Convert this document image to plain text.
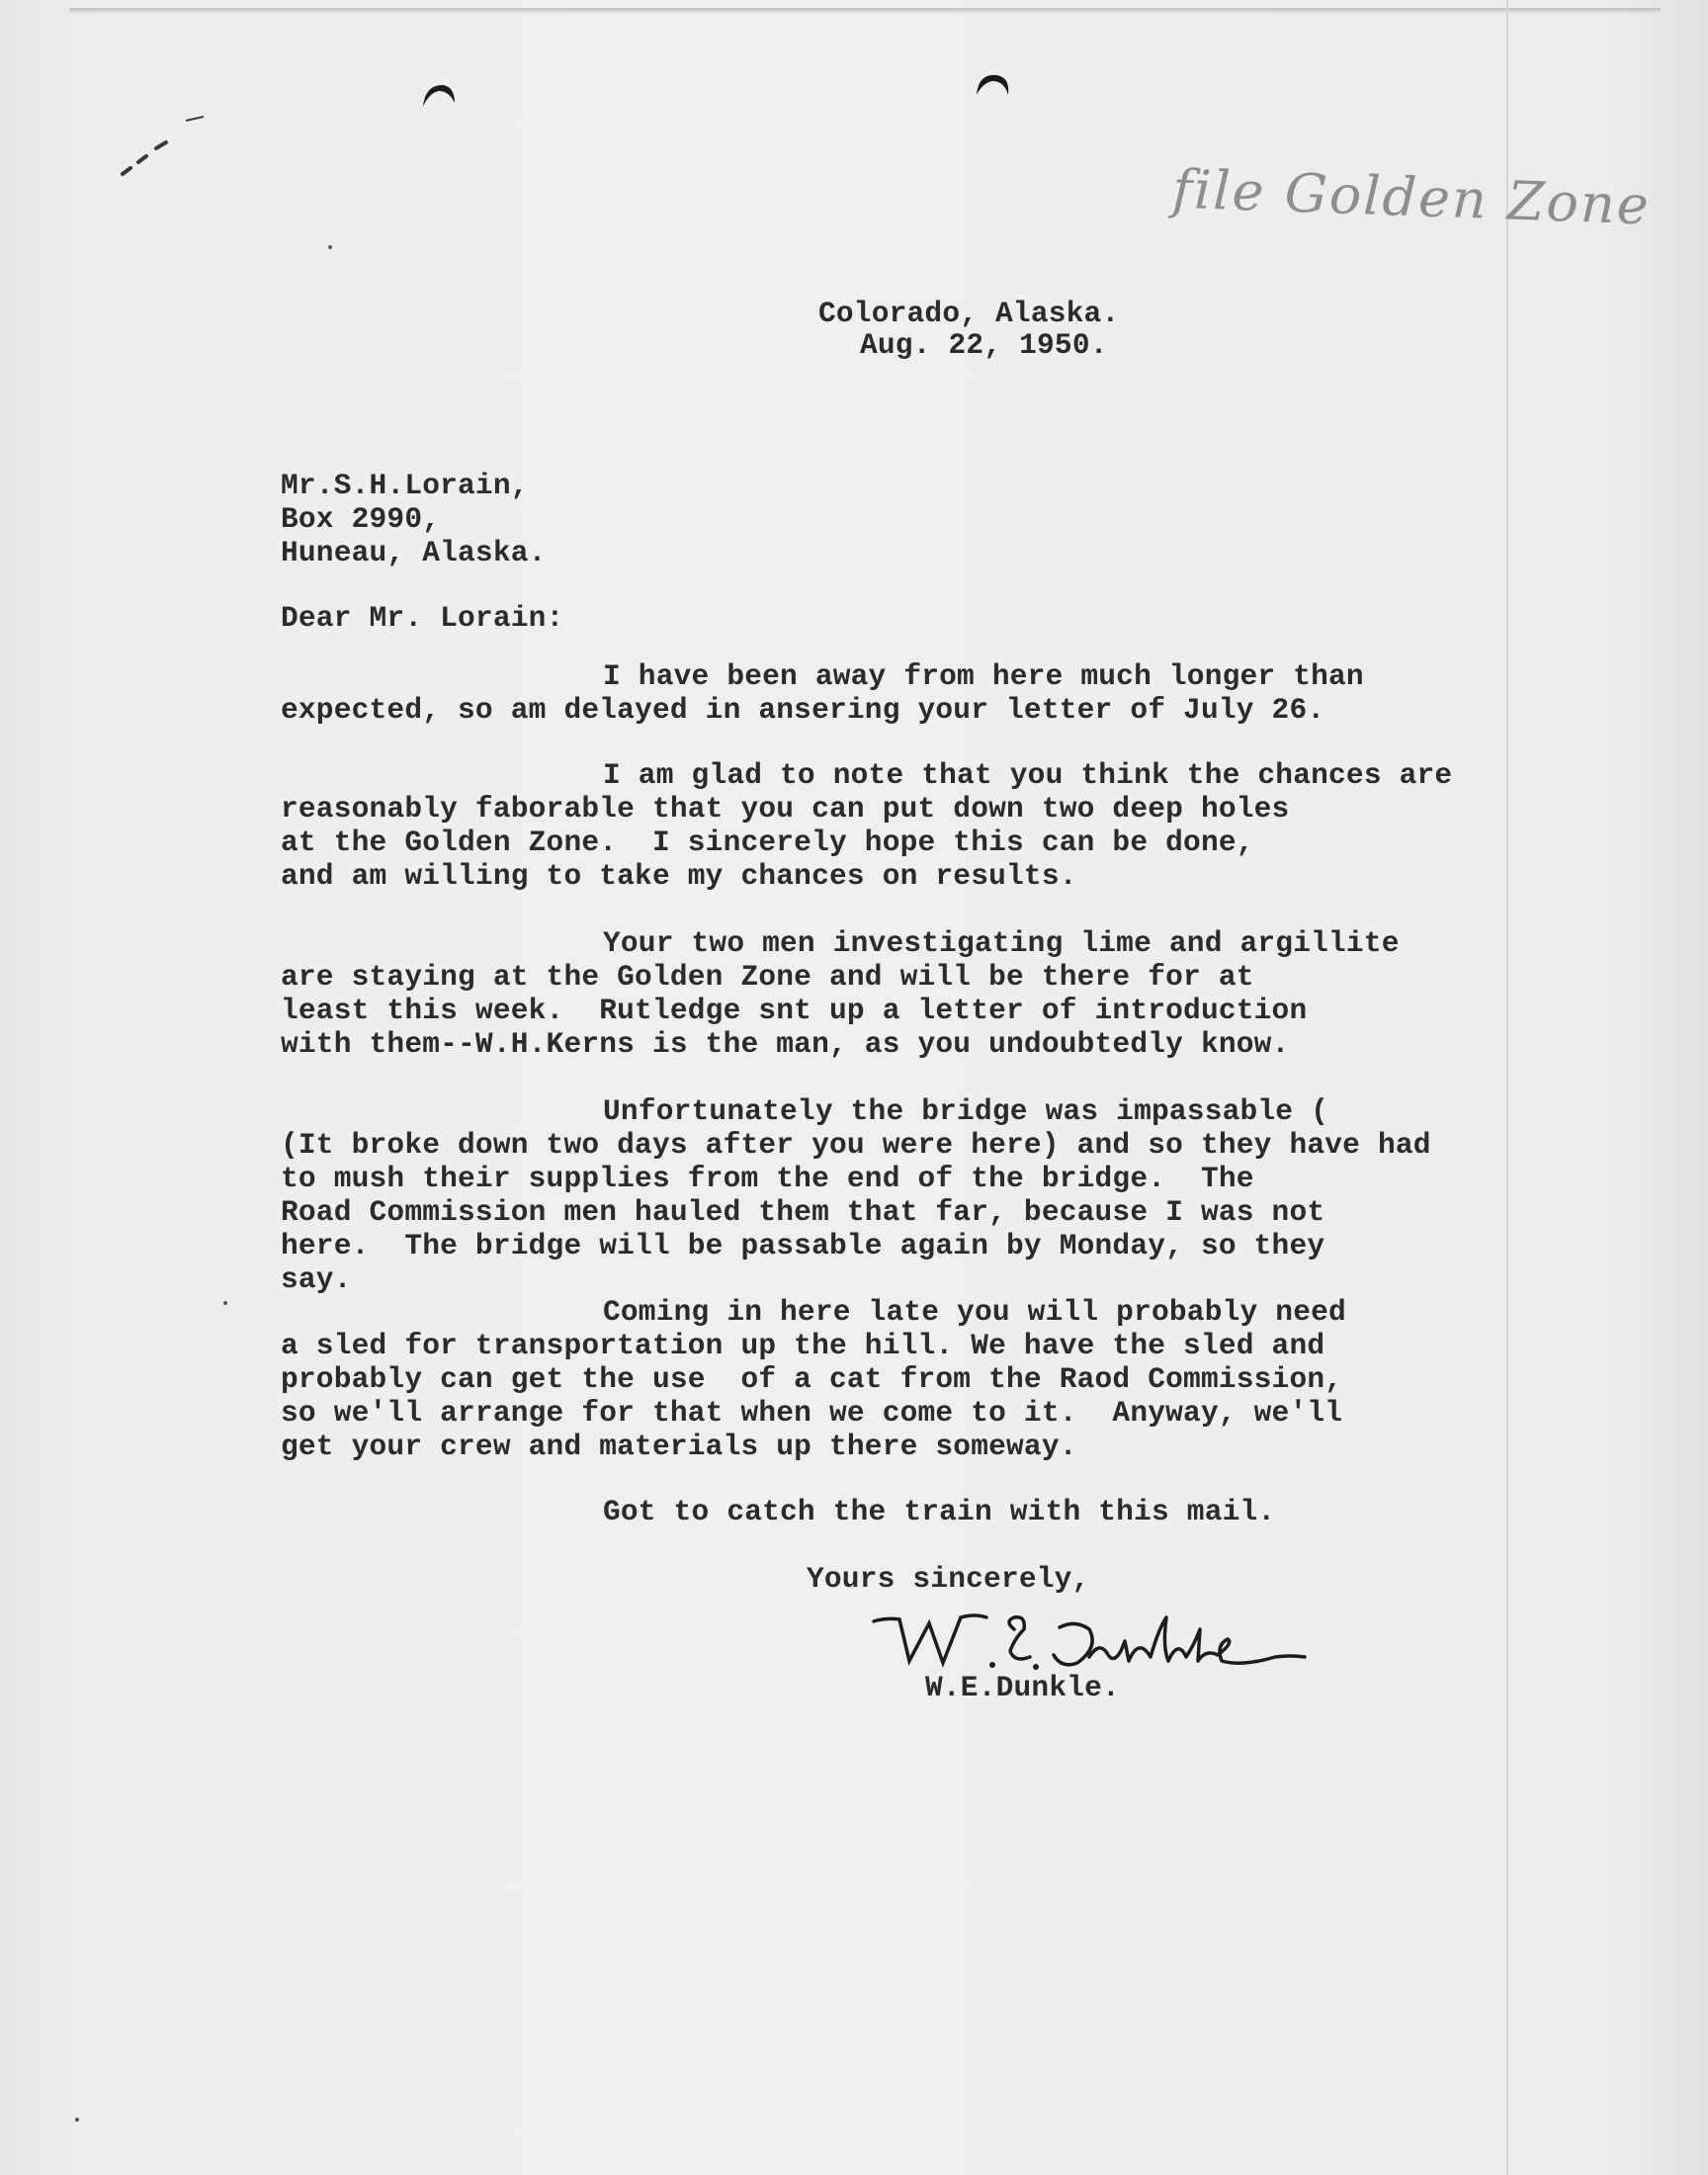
file Golden Zone
Colorado, Alaska.
Aug. 22, 1950.
Mr.S.H.Lorain,
Box 2990,
Huneau, Alaska.
Dear Mr. Lorain:
I have been away from here much longer than
expected, so am delayed in ansering your letter of July 26.
I am glad to note that you think the chances are
reasonably faborable that you can put down two deep holes
at the Golden Zone.  I sincerely hope this can be done,
and am willing to take my chances on results.
Your two men investigating lime and argillite
are staying at the Golden Zone and will be there for at
least this week.  Rutledge snt up a letter of introduction
with them--W.H.Kerns is the man, as you undoubtedly know.
Unfortunately the bridge was impassable (
(It broke down two days after you were here) and so they have had
to mush their supplies from the end of the bridge.  The
Road Commission men hauled them that far, because I was not
here.  The bridge will be passable again by Monday, so they
say.
Coming in here late you will probably need
a sled for transportation up the hill. We have the sled and
probably can get the use  of a cat from the Raod Commission,
so we'll arrange for that when we come to it.  Anyway, we'll
get your crew and materials up there someway.
Got to catch the train with this mail.
Yours sincerely,
W.E.Dunkle.
